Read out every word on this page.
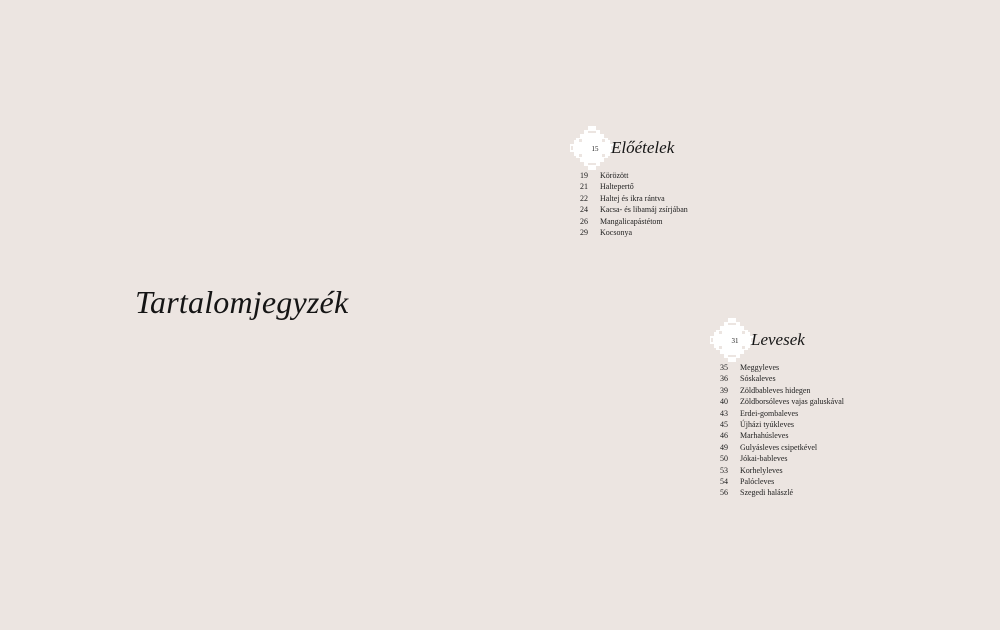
Tartalomjegyzék
15 Előételek
19	Körözött
21	Haltepertő
22	Haltej és ikra rántva
24	Kacsa- és libamáj zsírjában
26	Mangalicapástétom
29	Kocsonya
31 Levesek
35	Meggyleves
36	Sóskaleves
39	Zöldbableves hidegen
40	Zöldborsóleves vajas galuskával
43	Erdei-gombaleves
45	Újházi tyúkleves
46	Marhahúsleves
49	Gulyásleves csipetkével
50	Jókai-bableves
53	Korhelyleves
54	Palócleves
56	Szegedi halászlé
